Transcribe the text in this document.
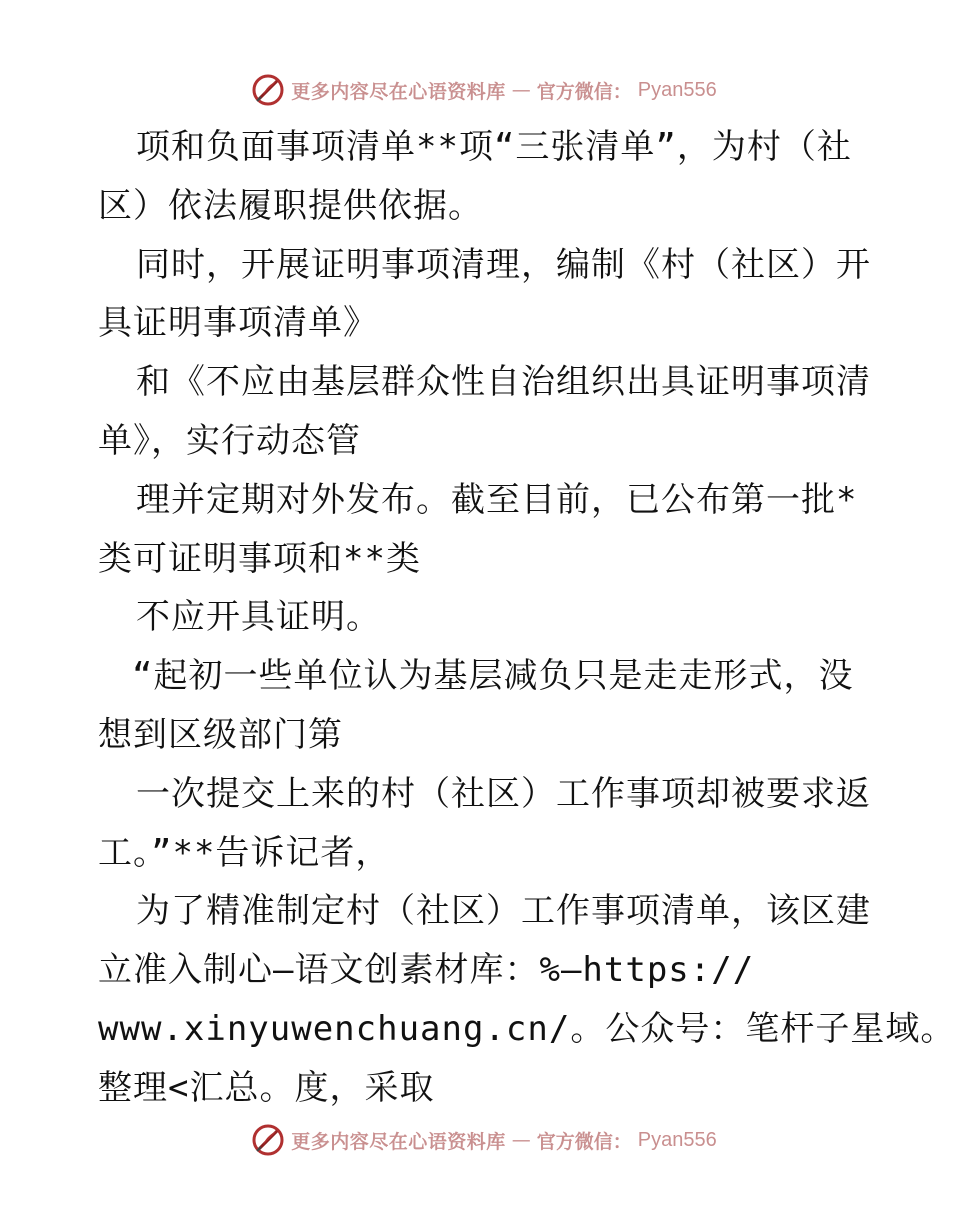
更多内容尽在心语资料库 — 官方微信： Pyan556
项和负面事项清单**项“三张清单”，为村（社
区）依法履职提供依据。
同时，开展证明事项清理，编制《村（社区）开
具证明事项清单》
和《不应由基层群众性自治组织出具证明事项清
单》，实行动态管
理并定期对外发布。截至目前，已公布第一批*
类可证明事项和**类
不应开具证明。
“起初一些单位认为基层减负只是走走形式，没
想到区级部门第
一次提交上来的村（社区）工作事项却被要求返
工。”**告诉记者，
为了精准制定村（社区）工作事项清单，该区建
立准入制心—语文创素材库：%—https://
www.xinyuwenchuang.cn/。公众号：笔杆子星域。
整理<汇总。度，采取
更多内容尽在心语资料库 — 官方微信： Pyan556
